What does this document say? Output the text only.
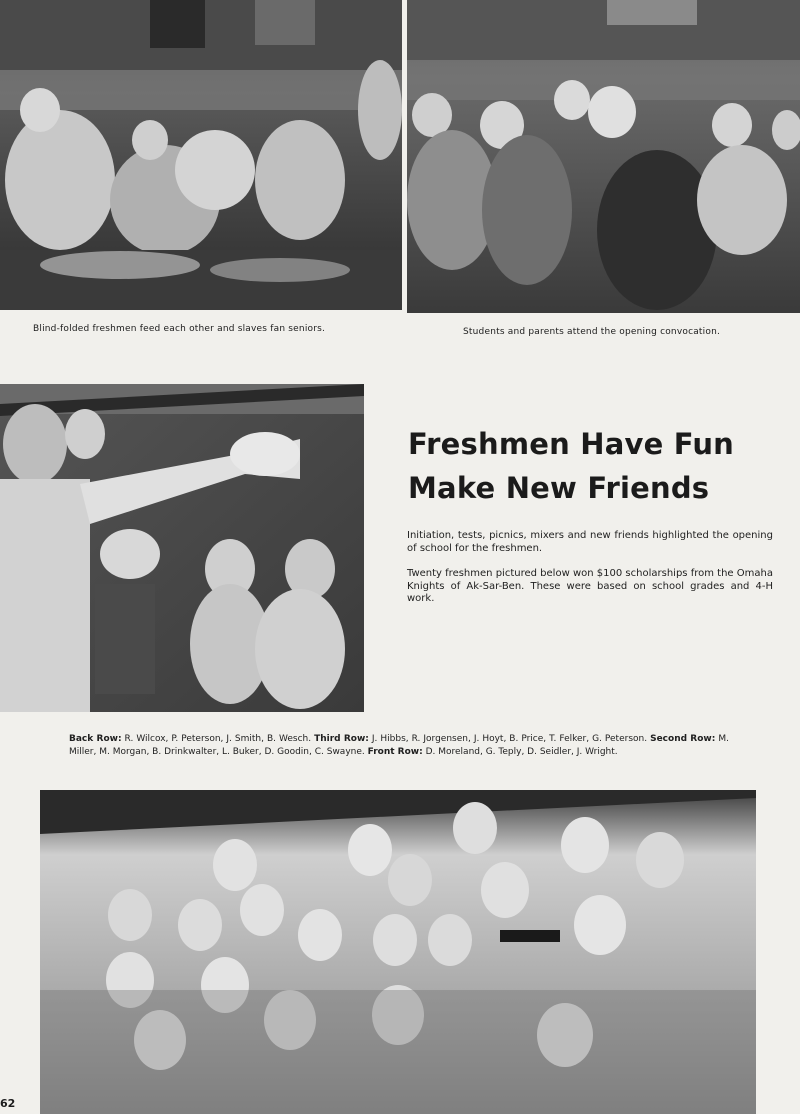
Blind-folded freshmen feed each other and slaves fan seniors.	Students and parents attend the opening convocation.
Freshmen Have Fun
Make New Friends
Initiation, tests, picnics, mixers and new friends highlighted the opening of school for the freshmen.
Twenty freshmen pictured below won $100 scholarships from the Omaha Knights of Ak-Sar-Ben. These were based on school grades and 4-H work.
Back Row: R. Wilcox, P. Peterson, J. Smith, B. Wesch. Third Row: J. Hibbs, R. Jorgensen, J. Hoyt, B. Price, T. Felker, G. Peterson. Second Row: M. Miller, M. Morgan, B. Drinkwalter, L. Buker, D. Goodin, C. Swayne. Front Row: D. Moreland, G. Teply, D. Seidler, J. Wright.
62
